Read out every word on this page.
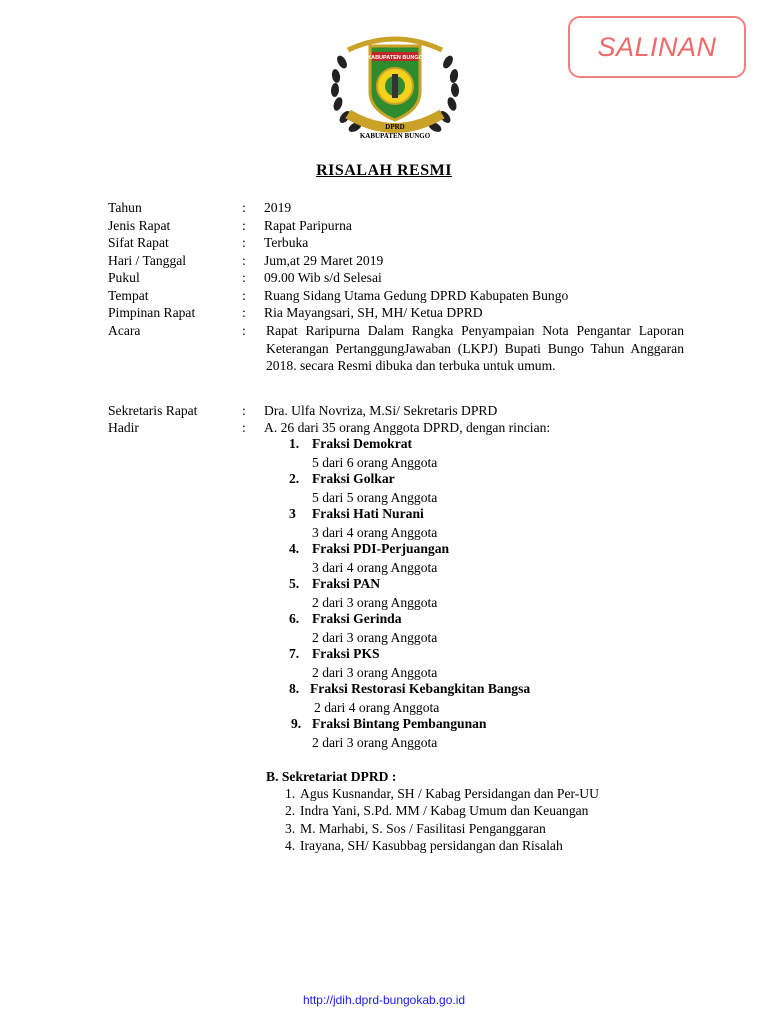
SALINAN
KABUPATEN BUNGO
DPRD
KABUPATEN BUNGO
RISALAH RESMI
Tahun	: 2019
Jenis Rapat	: Rapat Paripurna
Sifat Rapat	: Terbuka
Hari / Tanggal	: Jum,at 29 Maret 2019
Pukul	: 09.00 Wib s/d Selesai
Tempat	: Ruang Sidang Utama Gedung DPRD Kabupaten Bungo
Pimpinan Rapat	: Ria Mayangsari, SH, MH/ Ketua DPRD
Acara	: Rapat Raripurna Dalam Rangka Penyampaian Nota Pengantar Laporan Keterangan PertanggungJawaban (LKPJ) Bupati Bungo Tahun Anggaran 2018. secara Resmi dibuka dan terbuka untuk umum.
Sekretaris Rapat	: Dra. Ulfa Novriza, M.Si/ Sekretaris DPRD
Hadir	: A. 26 dari 35 orang Anggota DPRD, dengan rincian:
1. Fraksi Demokrat
5 dari 6 orang Anggota
2. Fraksi Golkar
5 dari 5 orang Anggota
3 Fraksi Hati Nurani
3 dari 4 orang Anggota
4. Fraksi PDI-Perjuangan
3 dari 4 orang Anggota
5. Fraksi PAN
2 dari 3 orang Anggota
6. Fraksi Gerinda
2 dari 3 orang Anggota
7. Fraksi PKS
2 dari 3 orang Anggota
8. Fraksi Restorasi Kebangkitan Bangsa
2 dari 4 orang Anggota
9. Fraksi Bintang Pembangunan
2 dari 3 orang Anggota
B. Sekretariat DPRD :
1. Agus Kusnandar, SH / Kabag Persidangan dan Per-UU
2. Indra Yani, S.Pd. MM / Kabag Umum dan Keuangan
3. M. Marhabi, S. Sos / Fasilitasi Penganggaran
4. Irayana, SH/ Kasubbag persidangan dan Risalah
http://jdih.dprd-bungokab.go.id
